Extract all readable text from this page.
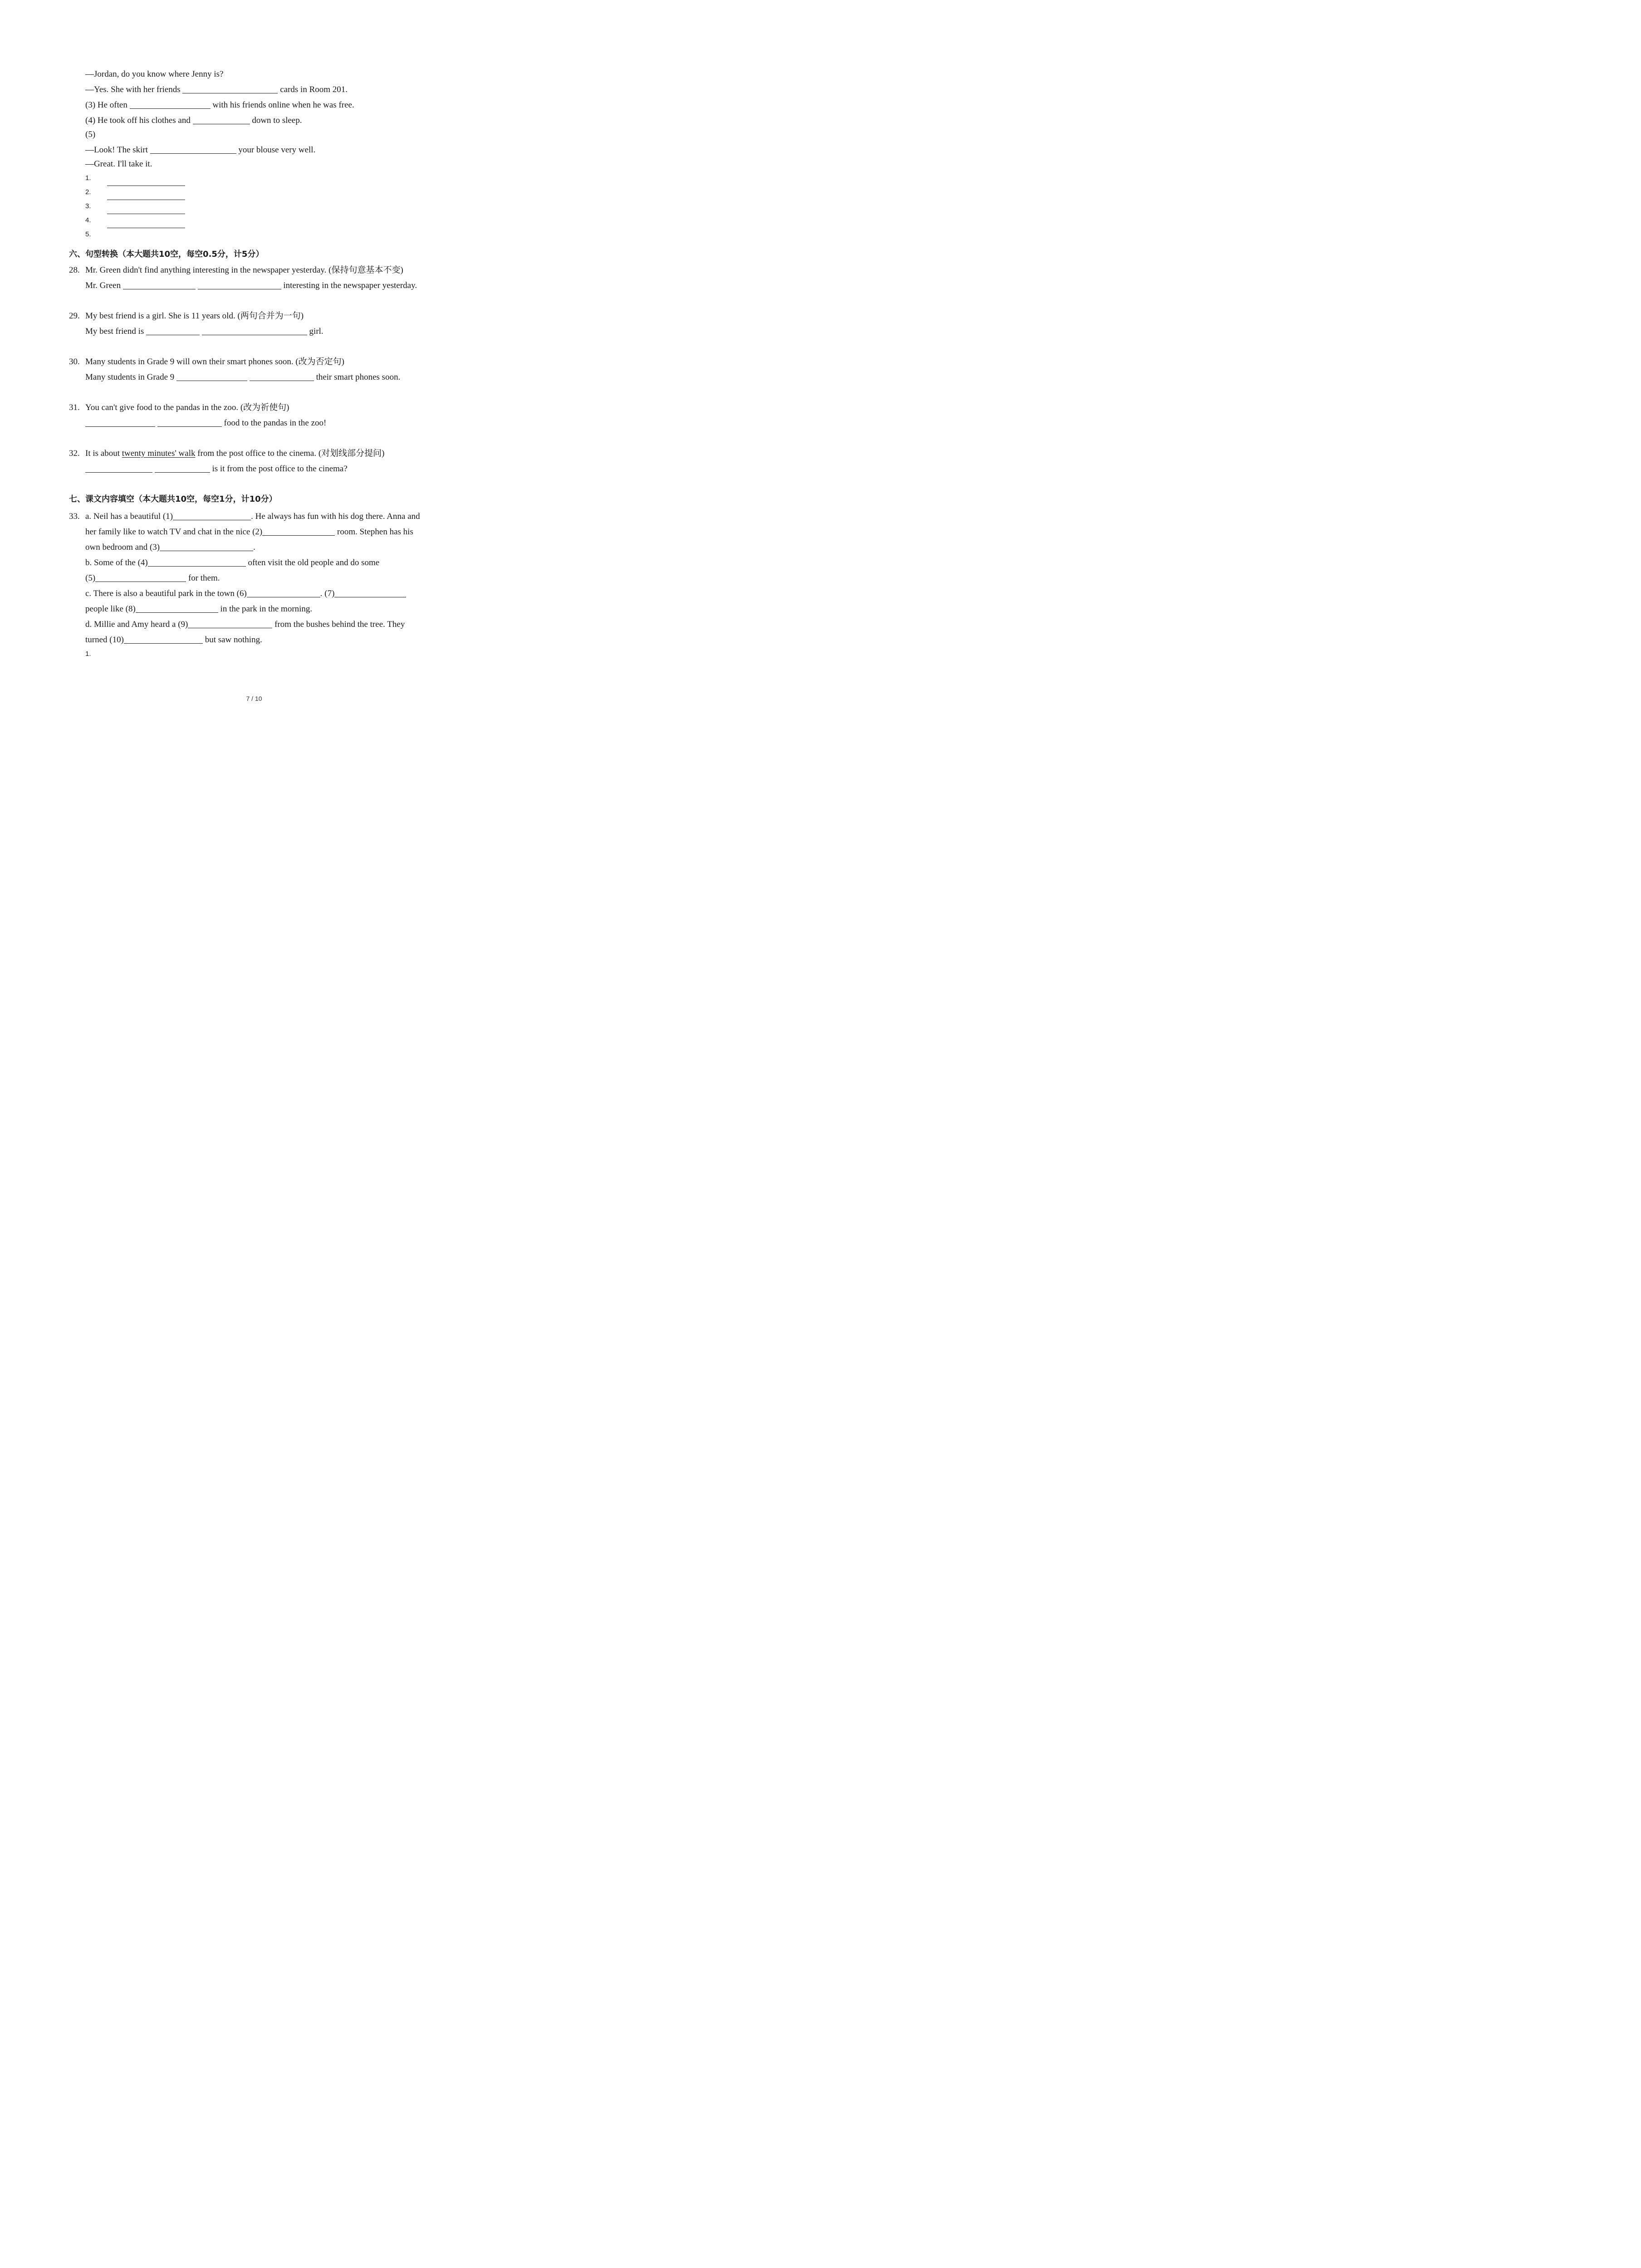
—Jordan, do you know where Jenny is?
—Yes. She with her friends	cards in Room 201.
(3) He often	with his friends online when he was free.
(4) He took off his clothes and	down to sleep.
(5)
—Look! The skirt	your blouse very well.
—Great. I'll take it.
1.
2.
3.
4.
5.
六、句型转换（本大题共10空，每空0.5分，计5分）
28. Mr. Green didn't find anything interesting in the newspaper yesterday. (保持句意基本不变)
Mr. Green	interesting in the newspaper yesterday.
29. My best friend is a girl. She is 11 years old. (两句合并为一句)
My best friend is	girl.
30. Many students in Grade 9 will own their smart phones soon. (改为否定句)
Many students in Grade 9	their smart phones soon.
31. You can't give food to the pandas in the zoo. (改为祈使句)
food to the pandas in the zoo!
32. It is about twenty minutes' walk from the post office to the cinema. (对划线部分提问)
is it from the post office to the cinema?
七、课文内容填空（本大题共10空，每空1分，计10分）
33. a. Neil has a beautiful (1)	. He always has fun with his dog there. Anna and
her family like to watch TV and chat in the nice (2)	room. Stephen has his
own bedroom and (3)	.
b. Some of the (4)	often visit the old people and do some
(5)	for them.
c. There is also a beautiful park in the town (6)	. (7)
people like (8)	in the park in the morning.
d. Millie and Amy heard a (9)	from the bushes behind the tree. They
turned (10)	but saw nothing.
1.
7 / 10
